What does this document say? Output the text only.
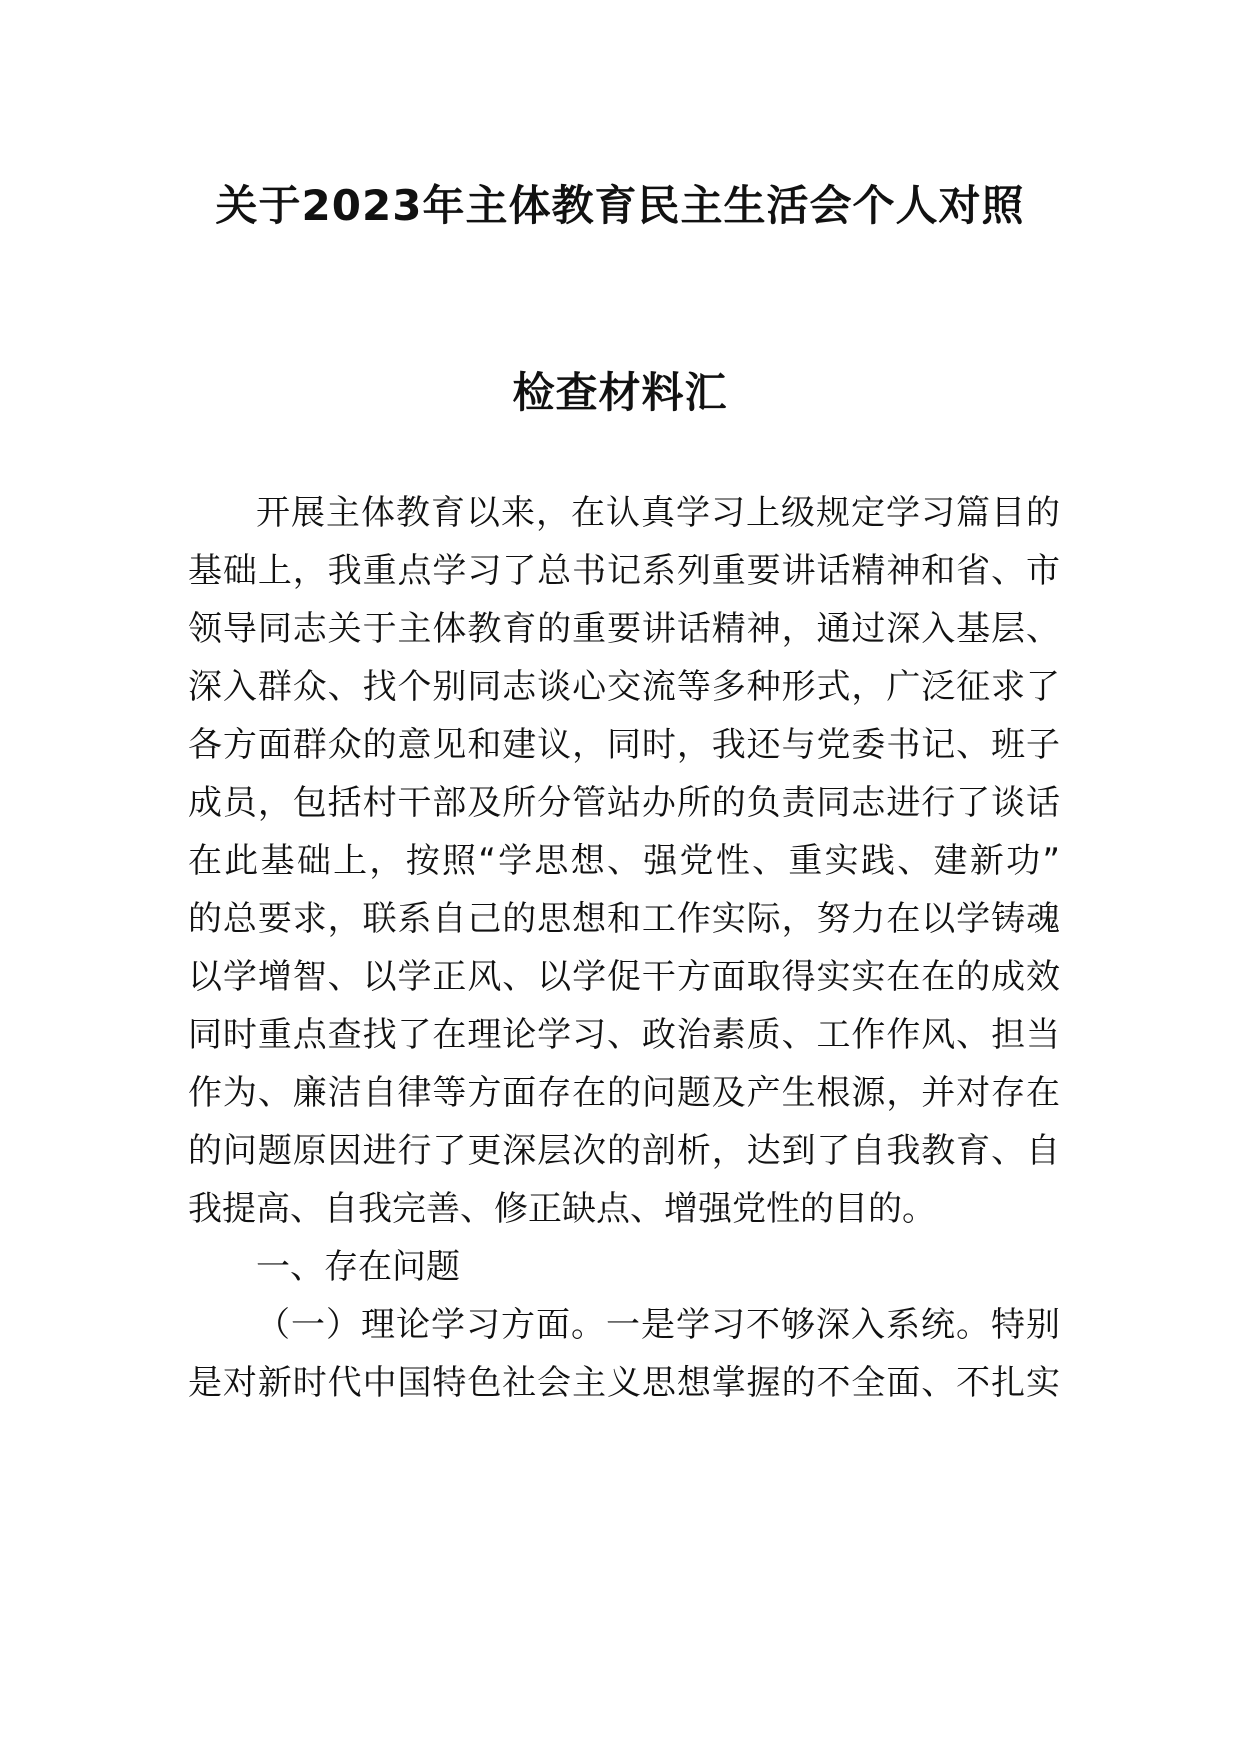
关于2023年主体教育民主生活会个人对照
检查材料汇
开展主体教育以来，在认真学习上级规定学习篇目的
基础上，我重点学习了总书记系列重要讲话精神和省、市
领导同志关于主体教育的重要讲话精神，通过深入基层、
深入群众、找个别同志谈心交流等多种形式，广泛征求了
各方面群众的意见和建议，同时，我还与党委书记、班子
成员，包括村干部及所分管站办所的负责同志进行了谈话
在此基础上，按照“学思想、强党性、重实践、建新功”
的总要求，联系自己的思想和工作实际，努力在以学铸魂
以学增智、以学正风、以学促干方面取得实实在在的成效
同时重点查找了在理论学习、政治素质、工作作风、担当
作为、廉洁自律等方面存在的问题及产生根源，并对存在
的问题原因进行了更深层次的剖析，达到了自我教育、自
我提高、自我完善、修正缺点、增强党性的目的。
一、存在问题
（一）理论学习方面。一是学习不够深入系统。特别
是对新时代中国特色社会主义思想掌握的不全面、不扎实
